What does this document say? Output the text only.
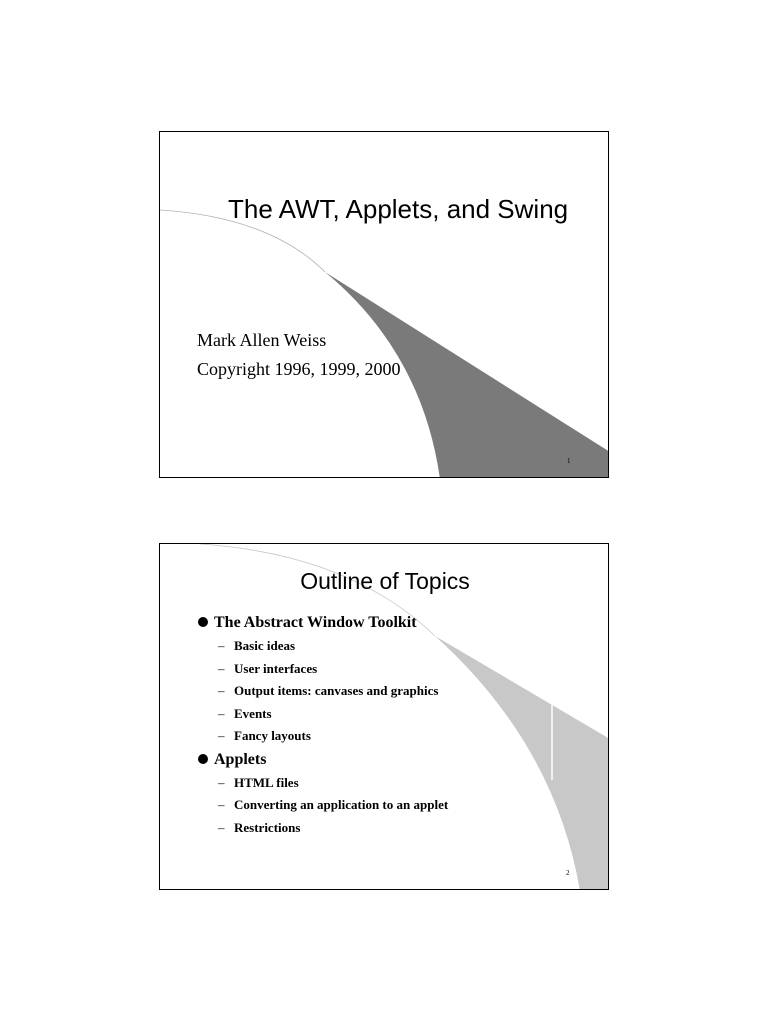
The AWT, Applets, and Swing
Mark Allen Weiss
Copyright 1996, 1999, 2000
1
Outline of Topics
The Abstract Window Toolkit
– Basic ideas
– User interfaces
– Output items: canvases and graphics
– Events
– Fancy layouts
Applets
– HTML files
– Converting an application to an applet
– Restrictions
2
